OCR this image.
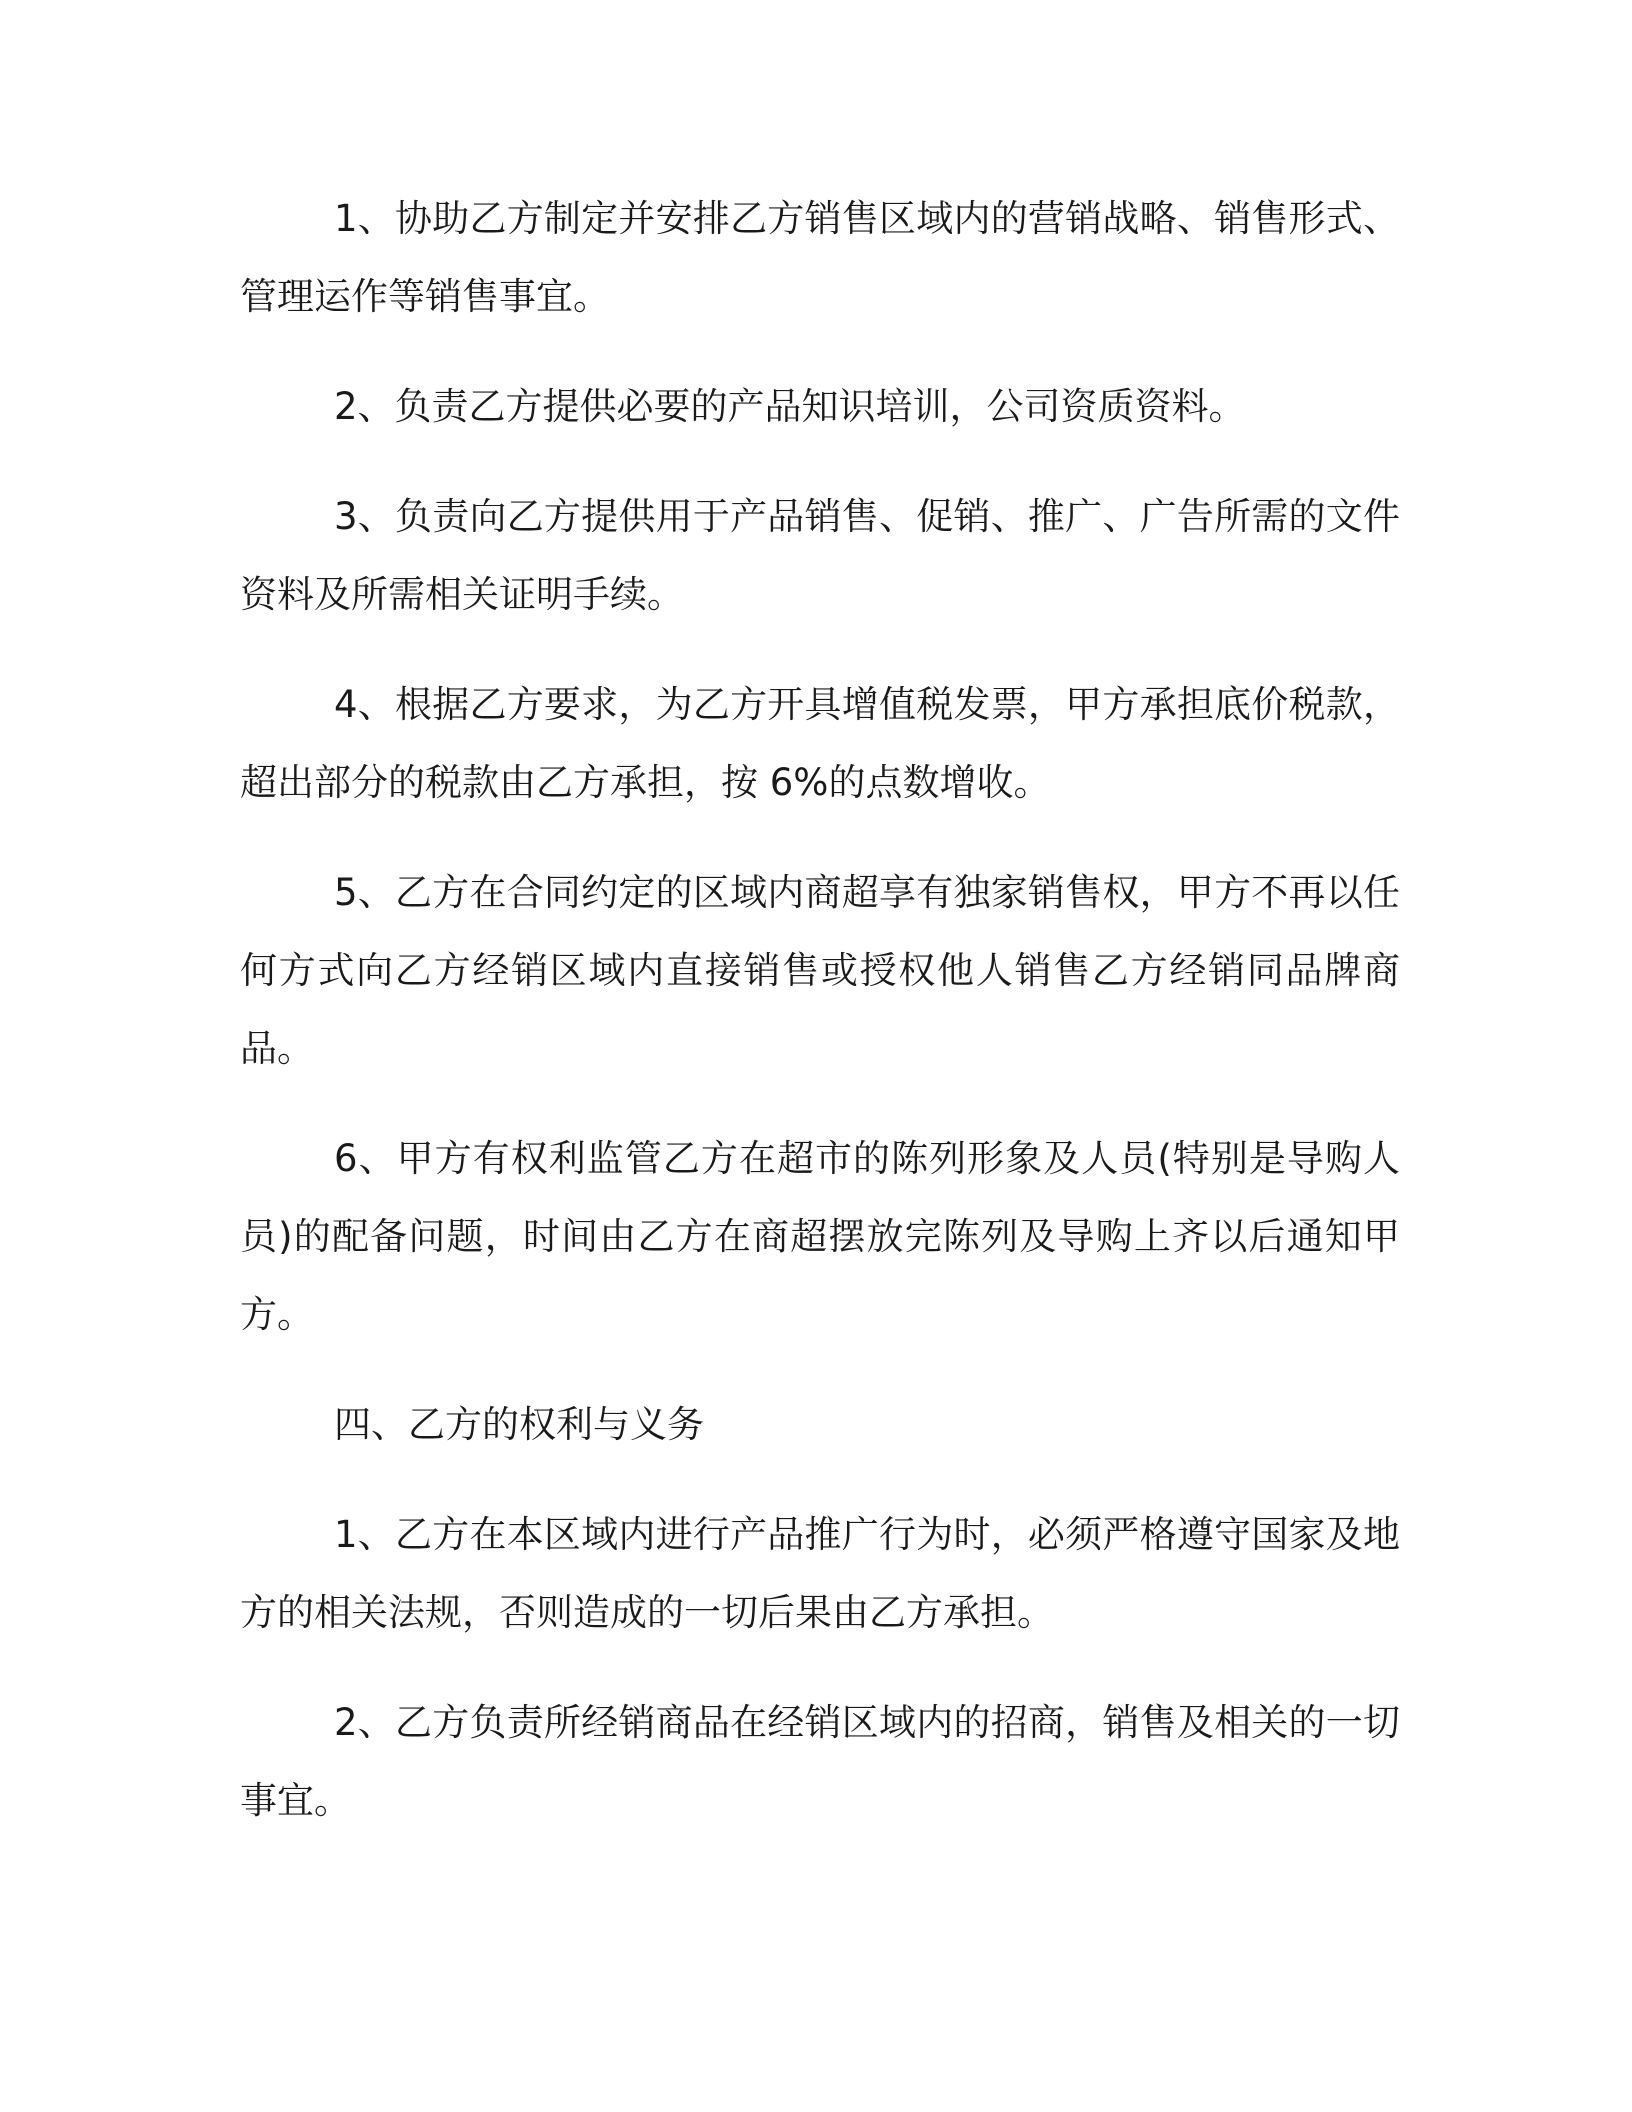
1、协助乙方制定并安排乙方销售区域内的营销战略、销售形式、管理运作等销售事宜。

2、负责乙方提供必要的产品知识培训，公司资质资料。

3、负责向乙方提供用于产品销售、促销、推广、广告所需的文件资料及所需相关证明手续。

4、根据乙方要求，为乙方开具增值税发票，甲方承担底价税款，超出部分的税款由乙方承担，按 6%的点数增收。

5、乙方在合同约定的区域内商超享有独家销售权，甲方不再以任何方式向乙方经销区域内直接销售或授权他人销售乙方经销同品牌商品。

6、甲方有权利监管乙方在超市的陈列形象及人员(特别是导购人员)的配备问题，时间由乙方在商超摆放完陈列及导购上齐以后通知甲方。

四、乙方的权利与义务

1、乙方在本区域内进行产品推广行为时，必须严格遵守国家及地方的相关法规，否则造成的一切后果由乙方承担。

2、乙方负责所经销商品在经销区域内的招商，销售及相关的一切事宜。
